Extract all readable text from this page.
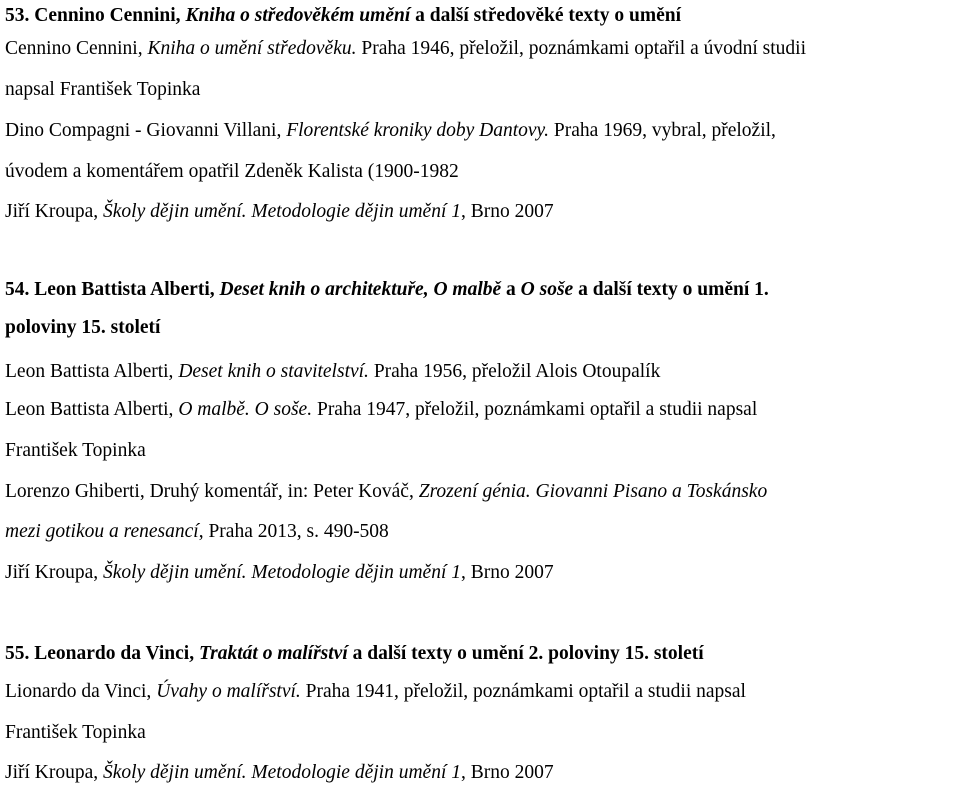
53. Cennino Cennini, Kniha o středověkém umění a další středověké texty o umění
Cennino Cennini, Kniha o umění středověku. Praha 1946, přeložil, poznámkami optařil a úvodní studii
napsal František Topinka
Dino Compagni - Giovanni Villani, Florentské kroniky doby Dantovy. Praha 1969, vybral, přeložil,
úvodem a komentářem opatřil Zdeněk Kalista (1900-1982
Jiří Kroupa, Školy dějin umění. Metodologie dějin umění 1, Brno 2007
54. Leon Battista Alberti, Deset knih o architektuře, O malbě a O soše a další texty o umění 1.
poloviny 15. století
Leon Battista Alberti, Deset knih o stavitelství. Praha 1956, přeložil Alois Otoupalík
Leon Battista Alberti, O malbě. O soše. Praha 1947, přeložil, poznámkami optařil a studii napsal
František Topinka
Lorenzo Ghiberti, Druhý komentář, in: Peter Kováč, Zrození génia. Giovanni Pisano a Toskánsko
mezi gotikou a renesancí, Praha 2013, s. 490-508
Jiří Kroupa, Školy dějin umění. Metodologie dějin umění 1, Brno 2007
55. Leonardo da Vinci, Traktát o malířství a další texty o umění 2. poloviny 15. století
Lionardo da Vinci, Úvahy o malířství. Praha 1941, přeložil, poznámkami optařil a studii napsal
František Topinka
Jiří Kroupa, Školy dějin umění. Metodologie dějin umění 1, Brno 2007
